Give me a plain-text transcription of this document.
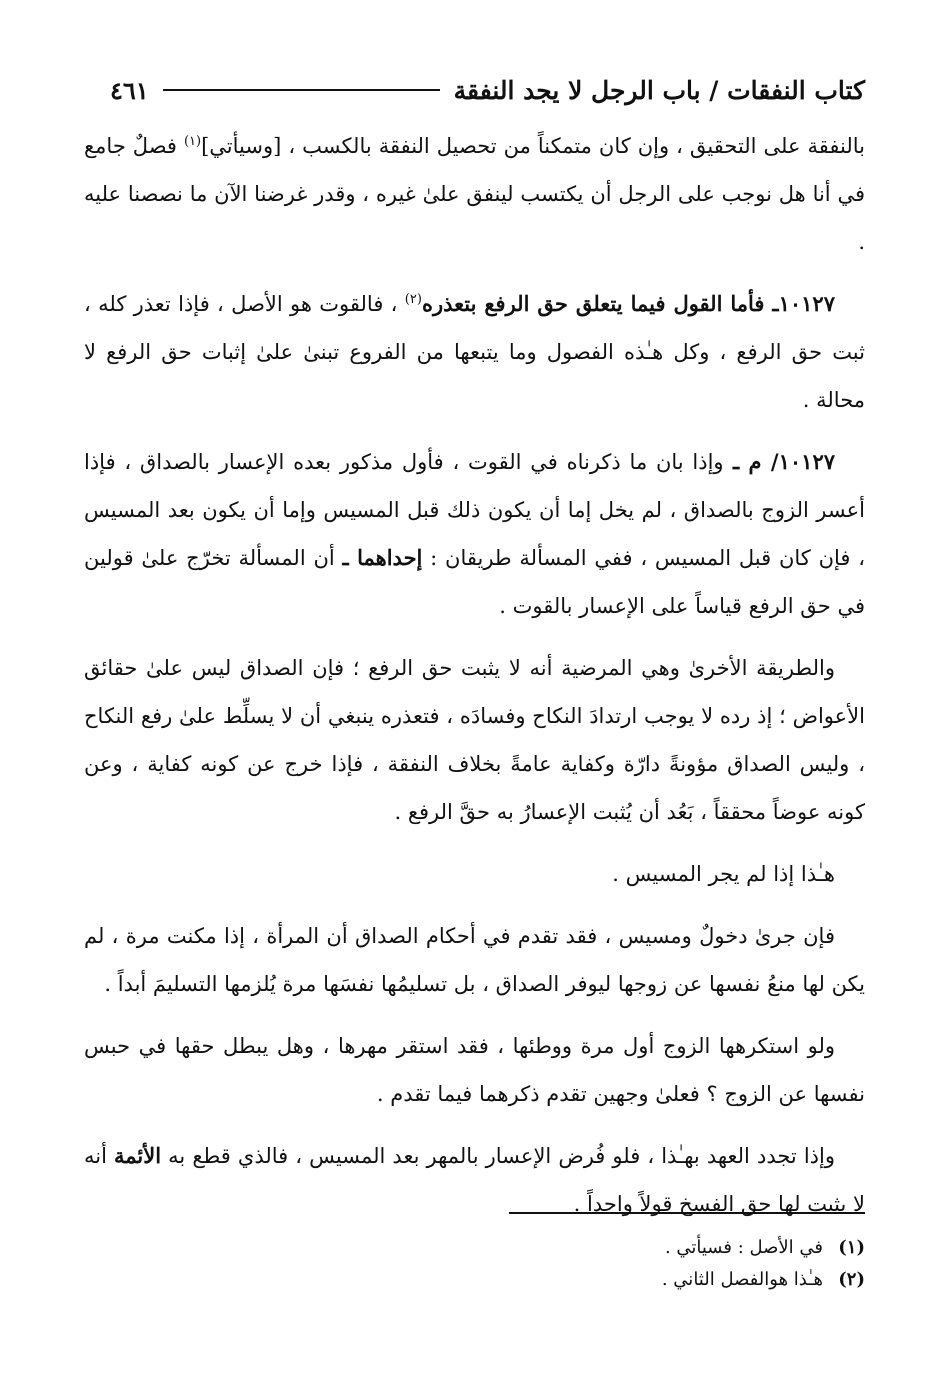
كتاب النفقات / باب الرجل لا يجد النفقة
٤٦١

بالنفقة على التحقيق ، وإن كان متمكناً من تحصيل النفقة بالكسب ، [وسيأتي]$^{(١)}$ فصلٌ جامع في أنا هل نوجب على الرجل أن يكتسب لينفق علىٰ غيره ، وقدر غرضنا الآن ما نصصنا عليه .

١٠١٢٧ـ فأما القول فيما يتعلق حق الرفع بتعذره$^{(٢)}$ ، فالقوت هو الأصل ، فإذا تعذر كله ، ثبت حق الرفع ، وكل هـٰذه الفصول وما يتبعها من الفروع تبنىٰ علىٰ إثبات حق الرفع لا محالة .

١٠١٢٧/ م ـ وإذا بان ما ذكرناه في القوت ، فأول مذكور بعده الإعسار بالصداق ، فإذا أعسر الزوج بالصداق ، لم يخل إما أن يكون ذلك قبل المسيس وإما أن يكون بعد المسيس ، فإن كان قبل المسيس ، ففي المسألة طريقان : إحداهما ـ أن المسألة تخرّج علىٰ قولين في حق الرفع قياساً على الإعسار بالقوت .

والطريقة الأخرىٰ وهي المرضية أنه لا يثبت حق الرفع ؛ فإن الصداق ليس علىٰ حقائق الأعواض ؛ إذ رده لا يوجب ارتدادَ النكاح وفسادَه ، فتعذره ينبغي أن لا يسلِّط علىٰ رفع النكاح ، وليس الصداق مؤونةً دارّة وكفاية عامةً بخلاف النفقة ، فإذا خرج عن كونه كفاية ، وعن كونه عوضاً محققاً ، بَعُد أن يُثبت الإعسارُ به حقَّ الرفع .

هـٰذا إذا لم يجر المسيس .

فإن جرىٰ دخولٌ ومسيس ، فقد تقدم في أحكام الصداق أن المرأة ، إذا مكنت مرة ، لم يكن لها منعُ نفسها عن زوجها ليوفر الصداق ، بل تسليمُها نفسَها مرة يُلزمها التسليمَ أبداً .

ولو استكرهها الزوج أول مرة ووطئها ، فقد استقر مهرها ، وهل يبطل حقها في حبس نفسها عن الزوج ؟ فعلىٰ وجهين تقدم ذكرهما فيما تقدم .

وإذا تجدد العهد بهـٰذا ، فلو فُرض الإعسار بالمهر بعد المسيس ، فالذي قطع به الأئمة أنه لا يثبت لها حق الفسخ قولاً واحداً .

(١)في الأصل : فسيأتي .
(٢)هـٰذا هوالفصل الثاني .
